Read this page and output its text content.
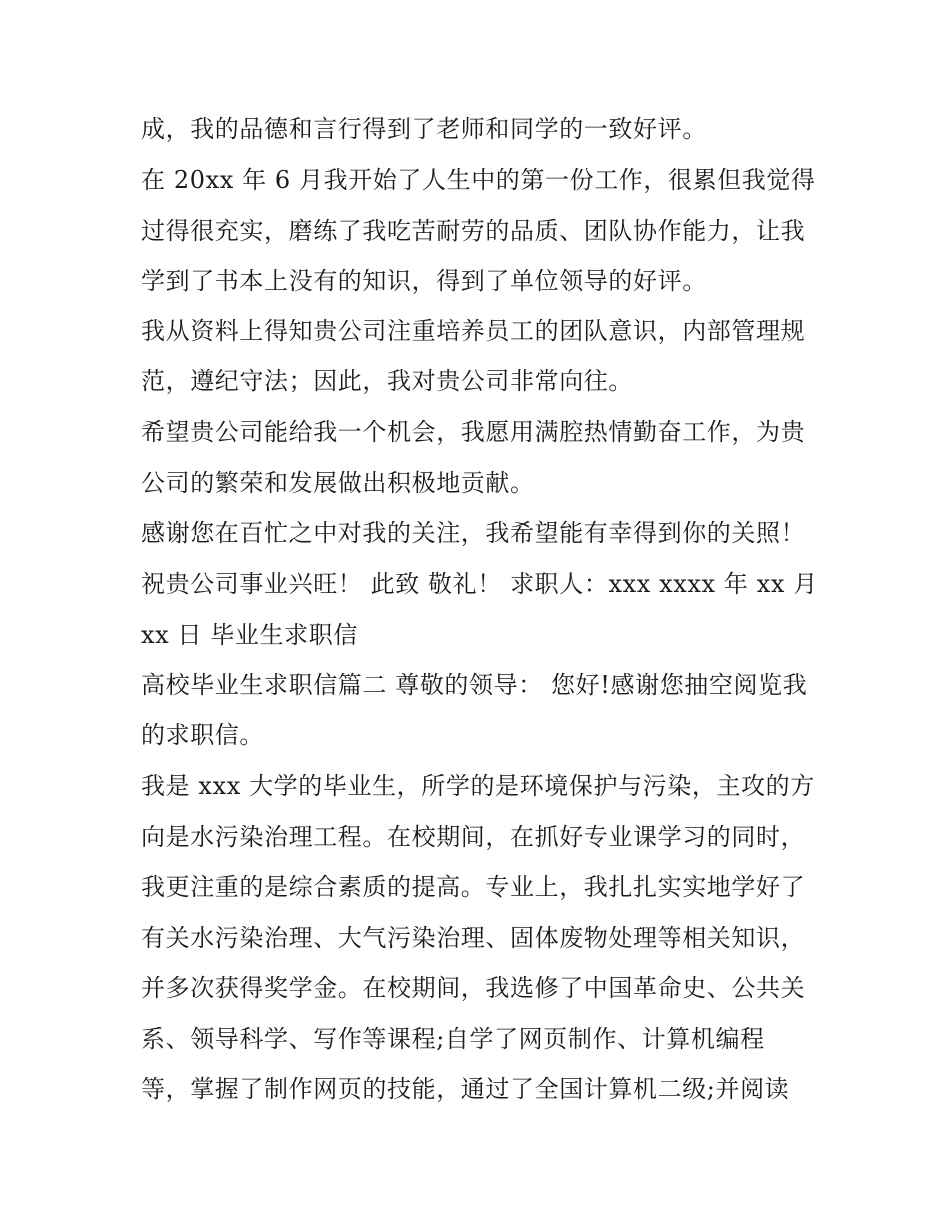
成，我的品德和言行得到了老师和同学的一致好评。
在 20xx 年 6 月我开始了人生中的第一份工作，很累但我觉得
过得很充实，磨练了我吃苦耐劳的品质、团队协作能力，让我
学到了书本上没有的知识，得到了单位领导的好评。
我从资料上得知贵公司注重培养员工的团队意识，内部管理规
范，遵纪守法；因此，我对贵公司非常向往。
希望贵公司能给我一个机会，我愿用满腔热情勤奋工作，为贵
公司的繁荣和发展做出积极地贡献。
感谢您在百忙之中对我的关注，我希望能有幸得到你的关照！
祝贵公司事业兴旺！ 此致 敬礼！ 求职人：xxx xxxx 年 xx 月
xx 日 毕业生求职信
高校毕业生求职信篇二 尊敬的领导： 您好!感谢您抽空阅览我
的求职信。
我是 xxx 大学的毕业生，所学的是环境保护与污染，主攻的方
向是水污染治理工程。在校期间，在抓好专业课学习的同时，
我更注重的是综合素质的提高。专业上，我扎扎实实地学好了
有关水污染治理、大气污染治理、固体废物处理等相关知识，
并多次获得奖学金。在校期间，我选修了中国革命史、公共关
系、领导科学、写作等课程;自学了网页制作、计算机编程
等，掌握了制作网页的技能，通过了全国计算机二级;并阅读
